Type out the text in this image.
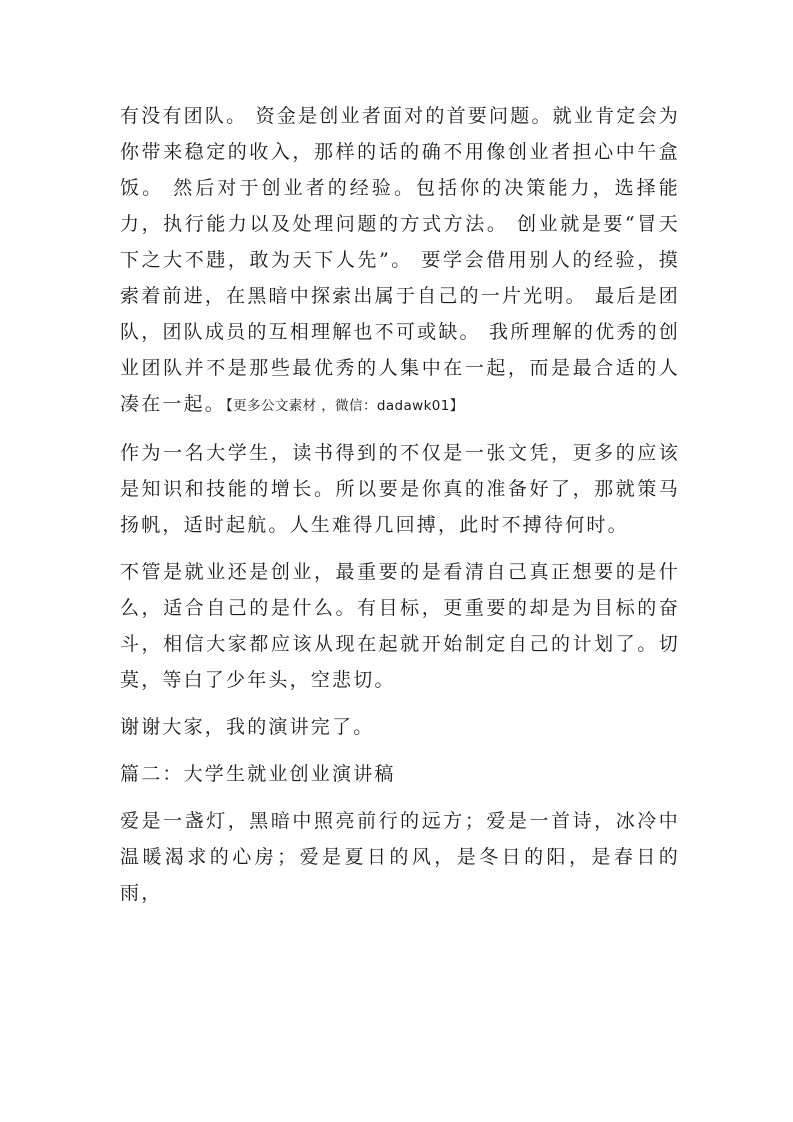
有没有团队。 资金是创业者面对的首要问题。就业肯定会为你带来稳定的收入，那样的话的确不用像创业者担心中午盒饭。 然后对于创业者的经验。包括你的决策能力，选择能力，执行能力以及处理问题的方式方法。 创业就是要“冒天下之大不韪，敢为天下人先”。 要学会借用别人的经验，摸索着前进，在黑暗中探索出属于自己的一片光明。 最后是团队，团队成员的互相理解也不可或缺。 我所理解的优秀的创业团队并不是那些最优秀的人集中在一起，而是最合适的人凑在一起。【更多公文素材 ，微信：dadawk01】

作为一名大学生，读书得到的不仅是一张文凭，更多的应该是知识和技能的增长。所以要是你真的准备好了，那就策马扬帆，适时起航。人生难得几回搏，此时不搏待何时。

不管是就业还是创业，最重要的是看清自己真正想要的是什么，适合自己的是什么。有目标，更重要的却是为目标的奋斗，相信大家都应该从现在起就开始制定自己的计划了。切莫，等白了少年头，空悲切。

谢谢大家，我的演讲完了。

篇二：大学生就业创业演讲稿

爱是一盏灯，黑暗中照亮前行的远方；爱是一首诗，冰冷中温暖渴求的心房；爱是夏日的风，是冬日的阳，是春日的雨，
